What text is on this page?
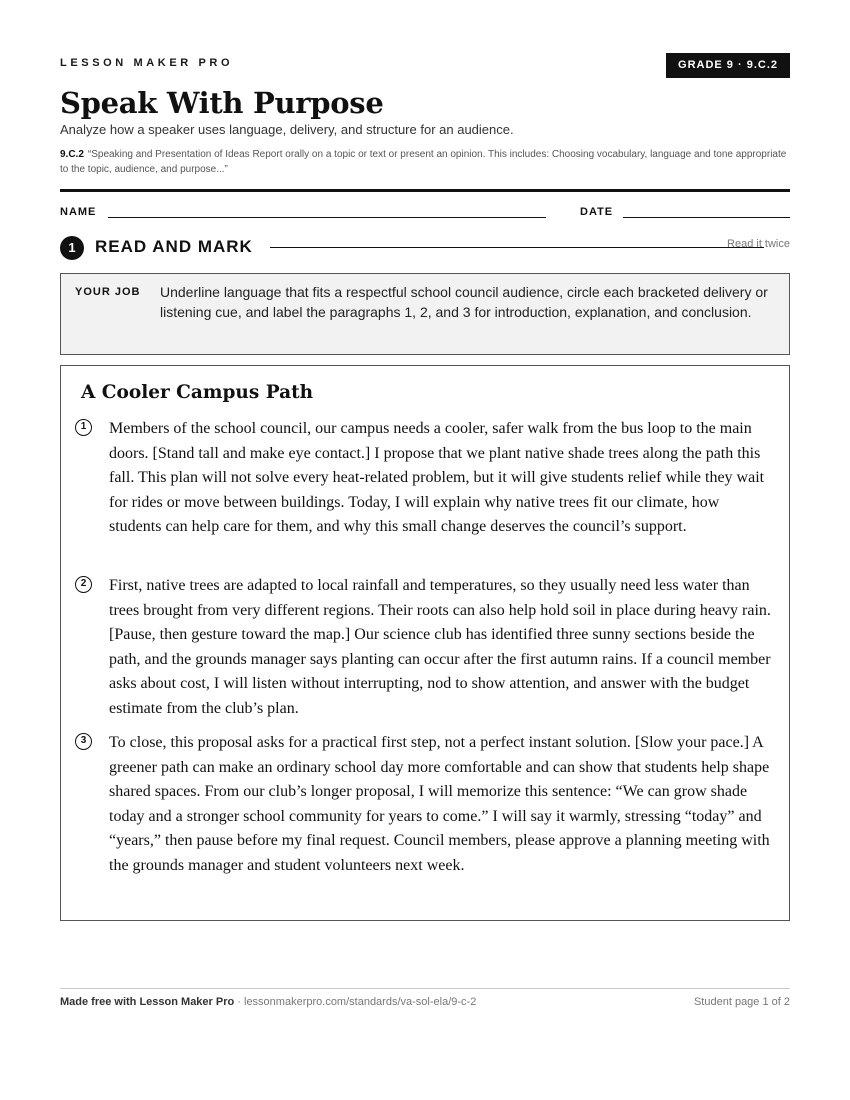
LESSON MAKER PRO	GRADE 9 · 9.C.2
Speak With Purpose

Analyze how a speaker uses language, delivery, and structure for an audience.

9.C.2 “Speaking and Presentation of Ideas Report orally on a topic or text or present an opinion. This includes: Choosing vocabulary, language and tone appropriate to the topic, audience, and purpose...”

NAME	DATE
1	READ AND MARK	Read it twice
YOUR JOB Underline language that fits a respectful school council audience, circle each bracketed delivery or listening cue, and label the paragraphs 1, 2, and 3 for introduction, explanation, and conclusion.

A Cooler Campus Path
1	Members of the school council, our campus needs a cooler, safer walk from the bus loop to the main doors. [Stand tall and make eye contact.] I propose that we plant native shade trees along the path this fall. This plan will not solve every heat-related problem, but it will give students relief while they wait for rides or move between buildings. Today, I will explain why native trees fit our climate, how students can help care for them, and why this small change deserves the council’s support.

2	First, native trees are adapted to local rainfall and temperatures, so they usually need less water than trees brought from very different regions. Their roots can also help hold soil in place during heavy rain. [Pause, then gesture toward the map.] Our science club has identified three sunny sections beside the path, and the grounds manager says planting can occur after the first autumn rains. If a council member asks about cost, I will listen without interrupting, nod to show attention, and answer with the budget estimate from the club’s plan.

3	To close, this proposal asks for a practical first step, not a perfect instant solution. [Slow your pace.] A greener path can make an ordinary school day more comfortable and can show that students help shape shared spaces. From our club’s longer proposal, I will memorize this sentence: “We can grow shade today and a stronger school community for years to come.” I will say it warmly, stressing “today” and “years,” then pause before my final request. Council members, please approve a planning meeting with the grounds manager and student volunteers next week.

Made free with Lesson Maker Pro · lessonmakerpro.com/standards/va-sol-ela/9-c-2	Student page 1 of 2
